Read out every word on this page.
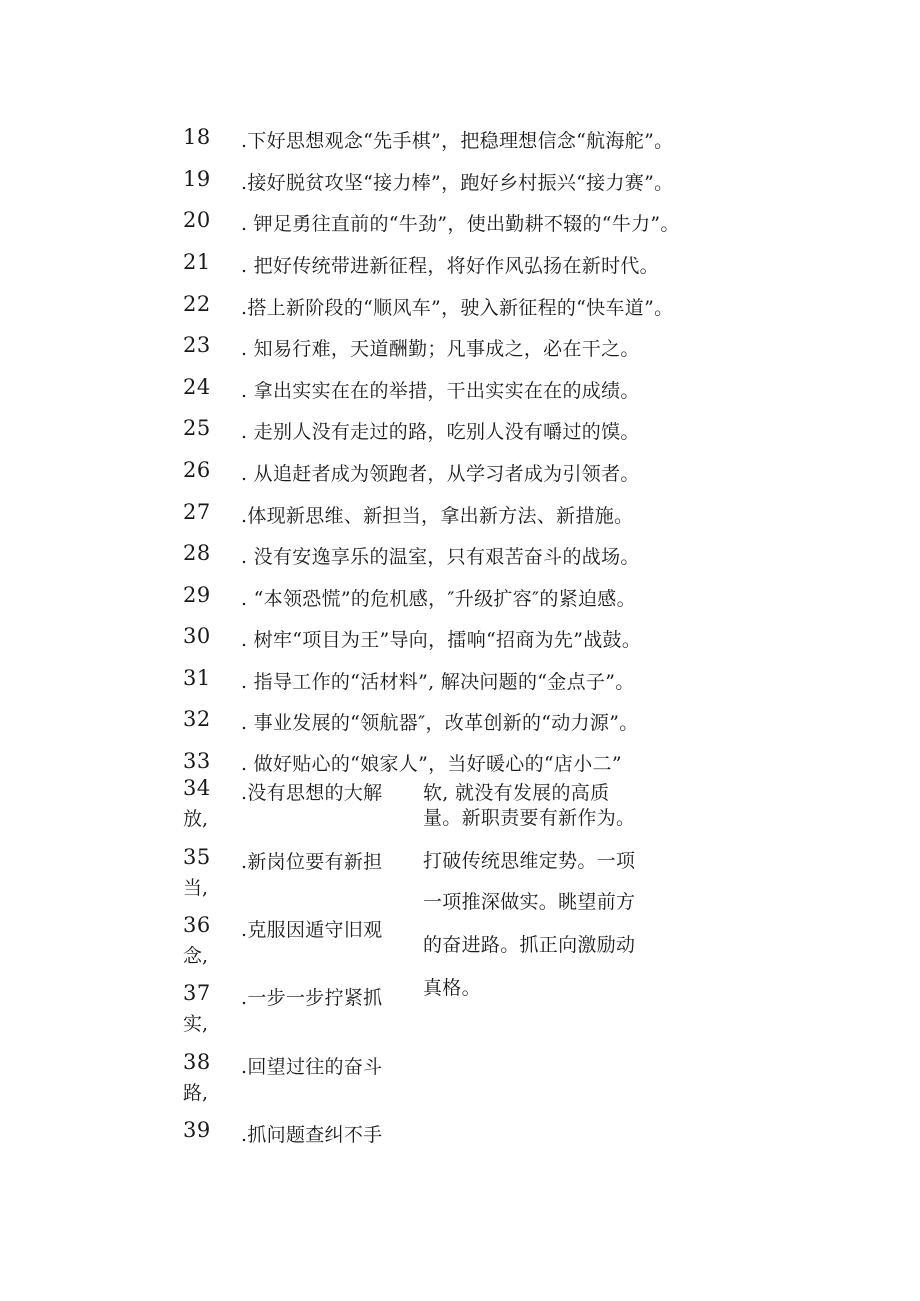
18 .下好思想观念“先手棋”，把稳理想信念“航海舵”。
19 .接好脱贫攻坚“接力棒”，跑好乡村振兴“接力赛”。
20 . 钾足勇往直前的“牛劲”，使出勤耕不辍的“牛力”。
21 . 把好传统带进新征程，将好作风弘扬在新时代。
22 .搭上新阶段的“顺风车”，驶入新征程的“快车道”。
23 . 知易行难，天道酬勤；凡事成之，必在干之。
24 . 拿出实实在在的举措，干出实实在在的成绩。
25 . 走别人没有走过的路，吃别人没有嚼过的馍。
26 . 从追赶者成为领跑者，从学习者成为引领者。
27 .体现新思维、新担当，拿出新方法、新措施。
28 . 没有安逸享乐的温室，只有艰苦奋斗的战场。
29 . “本领恐慌”的危机感，″升级扩容″的紧迫感。
30 . 树牢“项目为王”导向，擂响“招商为先”战鼓。
31 . 指导工作的“活材料”, 解决问题的“金点子”。
32 . 事业发展的“领航器″，改革创新的“动力源”。
33 . 做好贴心的“娘家人”，当好暖心的“店小二”
34 .没有思想的大解
放,
35 .新岗位要有新担
当,
36 .克服因遁守旧观
念,
37 .一步一步拧紧抓
实,
38 .回望过往的奋斗
路,
39 .抓问题查纠不手
软, 就没有发展的高质
量。新职责要有新作为。
打破传统思维定势。一项
一项推深做实。眺望前方
的奋进路。抓正向激励动
真格。
